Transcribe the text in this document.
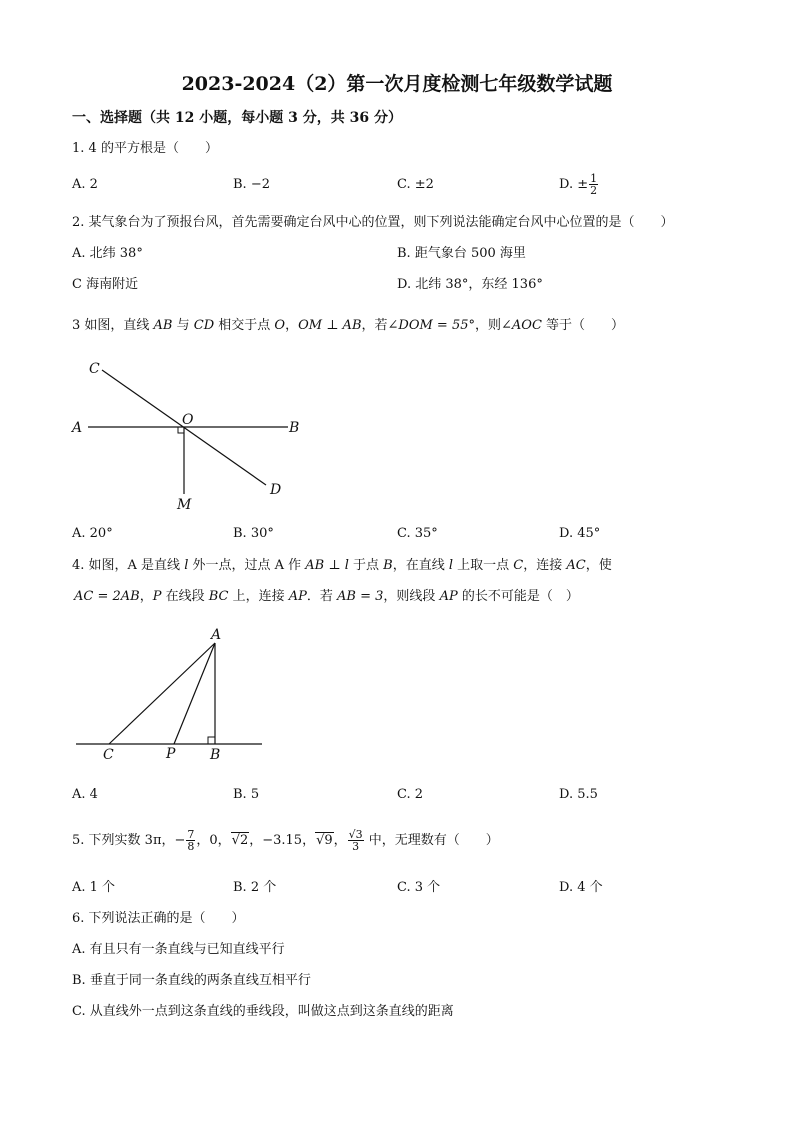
2023-2024（2）第一次月度检测七年级数学试题
一、选择题（共 12 小题，每小题 3 分，共 36 分）
1. 4 的平方根是（　　）
A. 2	B. −2	C. ±2	D. ± $\frac{1}{2}$
2. 某气象台为了预报台风，首先需要确定台风中心的位置，则下列说法能确定台风中心位置的是（　　）
A. 北纬 38°	B. 距气象台 500 海里
C 海南附近	D. 北纬 38°，东经 136°
3 如图，直线 AB 与 CD 相交于点 O，OM ⊥ AB，若∠DOM = 55°，则∠AOC 等于（　　）
C
O
A	B
M
D
A. 20°	B. 30°	C. 35°	D. 45°
4. 如图，A 是直线 l 外一点，过点 A 作 AB ⊥ l 于点 B，在直线 l 上取一点 C，连接 AC，使
AC = 2AB，P 在线段 BC 上，连接 AP．若 AB = 3，则线段 AP 的长不可能是（　）
A
C	P B
A. 4	B. 5	C. 2	D. 5.5
5. 下列实数 3π，− $\frac{7}{8}$ ，0，√2，−3.15，√9， $\frac{√3}{3}$ 中，无理数有（　　）
A. 1 个	B. 2 个	C. 3 个	D. 4 个
6. 下列说法正确的是（　　）
A. 有且只有一条直线与已知直线平行
B. 垂直于同一条直线的两条直线互相平行
C. 从直线外一点到这条直线的垂线段，叫做这点到这条直线的距离
